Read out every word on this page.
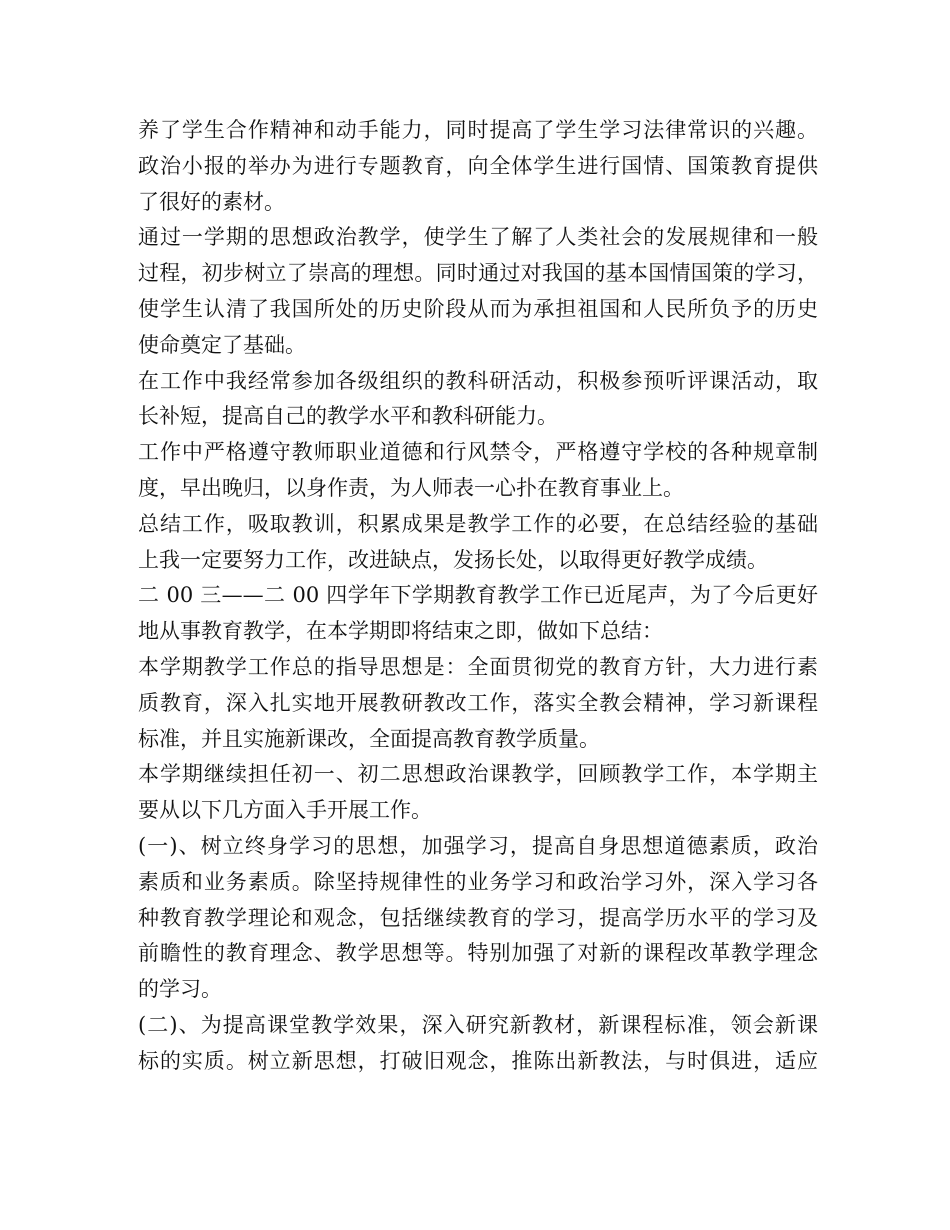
养了学生合作精神和动手能力，同时提高了学生学习法律常识的兴趣。
政治小报的举办为进行专题教育，向全体学生进行国情、国策教育提供
了很好的素材。
通过一学期的思想政治教学，使学生了解了人类社会的发展规律和一般
过程，初步树立了崇高的理想。同时通过对我国的基本国情国策的学习，
使学生认清了我国所处的历史阶段从而为承担祖国和人民所负予的历史
使命奠定了基础。
在工作中我经常参加各级组织的教科研活动，积极参预听评课活动，取
长补短，提高自己的教学水平和教科研能力。
工作中严格遵守教师职业道德和行风禁令，严格遵守学校的各种规章制
度，早出晚归，以身作责，为人师表一心扑在教育事业上。
总结工作，吸取教训，积累成果是教学工作的必要，在总结经验的基础
上我一定要努力工作，改进缺点，发扬长处，以取得更好教学成绩。
二 00 三——二 00 四学年下学期教育教学工作已近尾声，为了今后更好
地从事教育教学，在本学期即将结束之即，做如下总结：
本学期教学工作总的指导思想是：全面贯彻党的教育方针，大力进行素
质教育，深入扎实地开展教研教改工作，落实全教会精神，学习新课程
标准，并且实施新课改，全面提高教育教学质量。
本学期继续担任初一、初二思想政治课教学，回顾教学工作，本学期主
要从以下几方面入手开展工作。
(一)、树立终身学习的思想，加强学习，提高自身思想道德素质，政治
素质和业务素质。除坚持规律性的业务学习和政治学习外，深入学习各
种教育教学理论和观念，包括继续教育的学习，提高学历水平的学习及
前瞻性的教育理念、教学思想等。特别加强了对新的课程改革教学理念
的学习。
(二)、为提高课堂教学效果，深入研究新教材，新课程标准，领会新课
标的实质。树立新思想，打破旧观念，推陈出新教法，与时俱进，适应
